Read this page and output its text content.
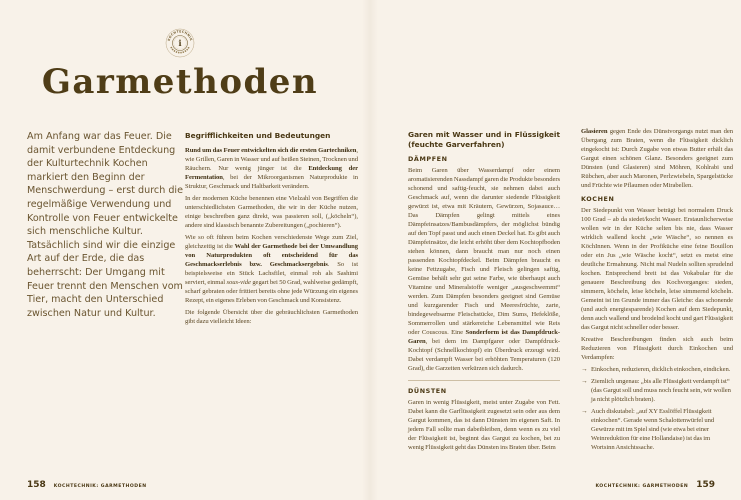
KOCHTECHNIK
i
Garmethoden

Am Anfang war das Feuer. Die damit verbundene Entdeckung der Kulturtechnik Kochen markiert den Beginn der Menschwerdung – erst durch die regelmäßige Verwendung und Kontrolle von Feuer entwickelte sich menschliche Kultur. Tatsächlich sind wir die einzige Art auf der Erde, die das beherrscht: Der Umgang mit Feuer trennt den Menschen vom Tier, macht den Unterschied zwischen Natur und Kultur.

Begrifflichkeiten und Bedeutungen

Rund um das Feuer entwickelten sich die ersten Gartechniken, wie Grillen, Garen in Wasser und auf heißen Steinen, Trocknen und Räuchern. Nur wenig jünger ist die Entdeckung der Fermentation, bei der Mikroorganismen Naturprodukte in Struktur, Geschmack und Haltbarkeit verändern.

In der modernen Küche benennen eine Vielzahl von Begriffen die unterschiedlichsten Garmethoden, die wir in der Küche nutzen, einige beschreiben ganz direkt, was passieren soll, („köcheln“), andere sind klassisch benannte Zubereitungen („pochieren“).

Wie so oft führen beim Kochen verschiedenste Wege zum Ziel, gleichzeitig ist die Wahl der Garmethode bei der Umwandlung von Naturprodukten oft entscheidend für das Geschmackserlebnis bzw. Geschmacksergebnis. So ist beispielsweise ein Stück Lachsfilet, einmal roh als Sashimi serviert, einmal sous-vide gegart bei 50 Grad, wahlweise gedämpft, scharf gebraten oder frittiert bereits ohne jede Würzung ein eigenes Rezept, ein eigenes Erleben von Geschmack und Konsistenz.

Die folgende Übersicht über die gebräuchlichsten Garmethoden gibt dazu vielleicht Ideen:

Garen mit Wasser und in Flüssigkeit (feuchte Garverfahren)
DÄMPFEN

Beim Garen über Wasserdampf oder einem aromatisierenden Nassdampf garen die Produkte besonders schonend und saftig-feucht, sie nehmen dabei auch Geschmack auf, wenn die darunter siedende Flüssigkeit gewürzt ist, etwa mit Kräutern, Gewürzen, Sojasauce… Das Dämpfen gelingt mittels eines Dämpfeinsatzes/Bambusdämpfers, der möglichst bündig auf den Topf passt und auch einen Deckel hat. Es gibt auch Dämpfeinsätze, die leicht erhöht über dem Kochtopfboden stehen können, dann braucht man nur noch einen passenden Kochtopfdeckel. Beim Dämpfen braucht es keine Fettzugabe, Fisch und Fleisch gelingen saftig, Gemüse behält sehr gut seine Farbe, wie überhaupt auch Vitamine und Mineralstoffe weniger „ausgeschwemmt“ werden. Zum Dämpfen besonders geeignet sind Gemüse und kurzgarender Fisch und Meeresfrüchte, zarte, bindegewebsarme Fleischstücke, Dim Sums, Hefeklöße, Sommerrollen und stärkereiche Lebensmittel wie Reis oder Couscous. Eine Sonderform ist das Dampfdruck-Garen, bei dem im Dampfgarer oder Dampfdruck-Kochtopf (Schnellkochtopf) ein Überdruck erzeugt wird. Dabei verdampft Wasser bei erhöhten Temperaturen (120 Grad), die Garzeiten verkürzen sich dadurch.

DÜNSTEN

Garen in wenig Flüssigkeit, meist unter Zugabe von Fett. Dabei kann die Garflüssigkeit zugesetzt sein oder aus dem Gargut kommen, das ist dann Dünsten im eigenen Saft. In jedem Fall sollte man dabeibleiben, denn wenn es zu viel der Flüssigkeit ist, beginnt das Gargut zu kochen, bei zu wenig Flüssigkeit geht das Dünsten ins Braten über. Beim

Glasieren gegen Ende des Dünstvorgangs nutzt man den Übergang zum Braten, wenn die Flüssigkeit dicklich eingekocht ist: Durch Zugabe von etwas Butter erhält das Gargut einen schönen Glanz. Besonders geeignet zum Dünsten (und Glasieren) sind Möhren, Kohlrabi und Rübchen, aber auch Maronen, Perlzwiebeln, Spargelstücke und Früchte wie Pflaumen oder Mirabellen.

KOCHEN

Der Siedepunkt von Wasser beträgt bei normalem Druck 100 Grad – ab da siedet/kocht Wasser. Erstaunlicherweise wollen wir in der Küche selten bis nie, dass Wasser wirklich wallend kocht „wie Wäsche“, so nennen es KöchInnen. Wenn in der Profiküche eine feine Bouillon oder ein Jus „wie Wäsche kocht“, setzt es meist eine deutliche Ermahnung. Nicht mal Nudeln sollten sprudelnd kochen. Entsprechend breit ist das Vokabular für die genauere Beschreibung des Kochvorganges: sieden, simmern, köcheln, leise köcheln, leise simmernd köcheln. Gemeint ist im Grunde immer das Gleiche: das schonende (und auch energiesparende) Kochen auf dem Siedepunkt, denn auch wallend und brodelnd kocht und gart Flüssigkeit das Gargut nicht schneller oder besser.

Kreative Beschreibungen finden sich auch beim Reduzieren von Flüssigkeit durch Einkochen und Verdampfen:

→ Einkochen, reduzieren, dicklich einkochen, eindicken.
→ Ziemlich ungenau: „bis alle Flüssigkeit verdampft ist“ (das Gargut soll und muss noch feucht sein, wir wollen ja nicht plötzlich braten).
→ Auch diskutabel: „auf XY Esslöffel Flüssigkeit einkochen“. Gerade wenn Schalottenwürfel und Gewürze mit im Spiel sind (wie etwa bei einer Weinreduktion für eine Hollandaise) ist das im Wortsinn Ansichtssache.
158 KOCHTECHNIK: GARMETHODEN	KOCHTECHNIK: GARMETHODEN 159
